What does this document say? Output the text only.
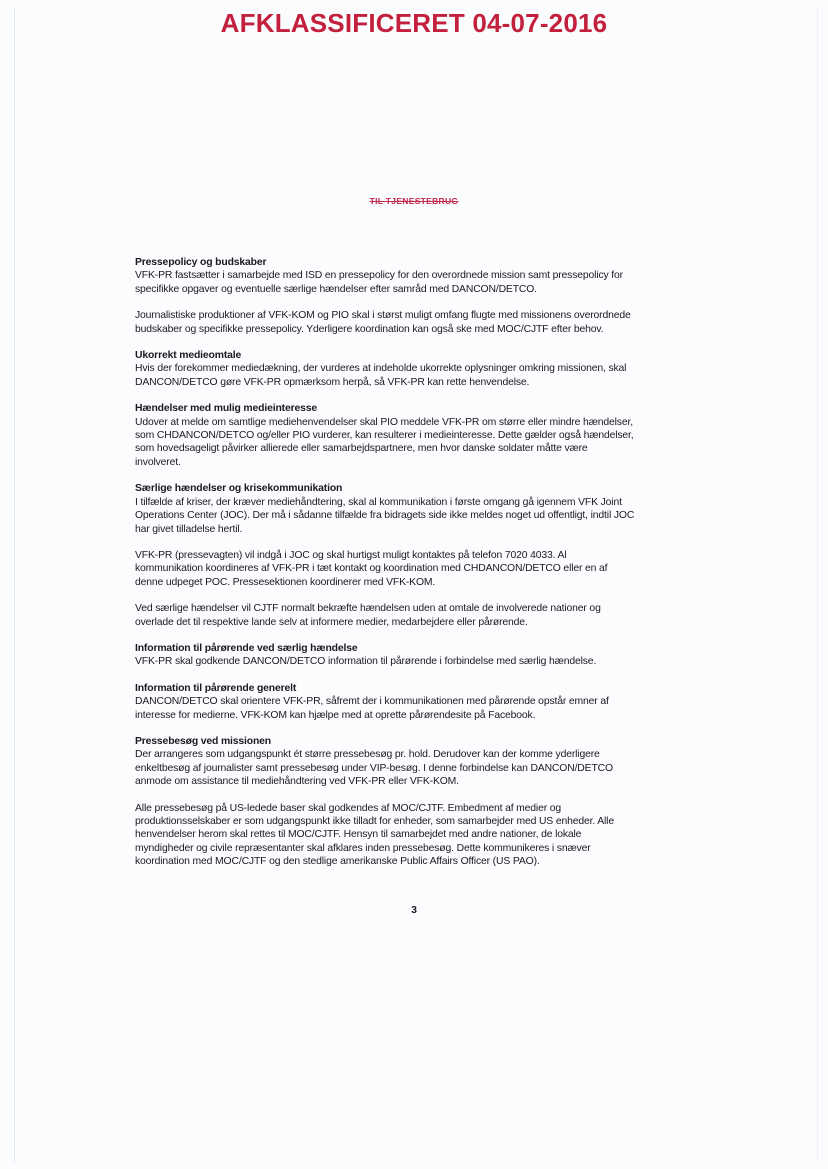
AFKLASSIFICERET 04-07-2016
TIL TJENESTEBRUG

Pressepolicy og budskaber

VFK-PR fastsætter i samarbejde med ISD en pressepolicy for den overordnede mission samt pressepolicy for specifikke opgaver og eventuelle særlige hændelser efter samråd med DANCON/DETCO.

Journalistiske produktioner af VFK-KOM og PIO skal i størst muligt omfang flugte med missionens overordnede budskaber og specifikke pressepolicy. Yderligere koordination kan også ske med MOC/CJTF efter behov.

Ukorrekt medieomtale

Hvis der forekommer mediedækning, der vurderes at indeholde ukorrekte oplysninger omkring missionen, skal DANCON/DETCO gøre VFK-PR opmærksom herpå, så VFK-PR kan rette henvendelse.

Hændelser med mulig medieinteresse

Udover at melde om samtlige mediehenvendelser skal PIO meddele VFK-PR om større eller mindre hændelser, som CHDANCON/DETCO og/eller PIO vurderer, kan resulterer i medieinteresse. Dette gælder også hændelser, som hovedsageligt påvirker allierede eller samarbejdspartnere, men hvor danske soldater måtte være involveret.

Særlige hændelser og krisekommunikation

I tilfælde af kriser, der kræver mediehåndtering, skal al kommunikation i første omgang gå igennem VFK Joint Operations Center (JOC). Der må i sådanne tilfælde fra bidragets side ikke meldes noget ud offentligt, indtil JOC har givet tilladelse hertil.

VFK-PR (pressevagten) vil indgå i JOC og skal hurtigst muligt kontaktes på telefon 7020 4033. Al kommunikation koordineres af VFK-PR i tæt kontakt og koordination med CHDANCON/DETCO eller en af denne udpeget POC. Pressesektionen koordinerer med VFK-KOM.

Ved særlige hændelser vil CJTF normalt bekræfte hændelsen uden at omtale de involverede nationer og overlade det til respektive lande selv at informere medier, medarbejdere eller pårørende.

Information til pårørende ved særlig hændelse

VFK-PR skal godkende DANCON/DETCO information til pårørende i forbindelse med særlig hændelse.

Information til pårørende generelt

DANCON/DETCO skal orientere VFK-PR, såfremt der i kommunikationen med pårørende opstår emner af interesse for medierne. VFK-KOM kan hjælpe med at oprette pårørendesite på Facebook.

Pressebesøg ved missionen

Der arrangeres som udgangspunkt ét større pressebesøg pr. hold. Derudover kan der komme yderligere enkeltbesøg af journalister samt pressebesøg under VIP-besøg. I denne forbindelse kan DANCON/DETCO anmode om assistance til mediehåndtering ved VFK-PR eller VFK-KOM.

Alle pressebesøg på US-ledede baser skal godkendes af MOC/CJTF. Embedment af medier og produktionsselskaber er som udgangspunkt ikke tilladt for enheder, som samarbejder med US enheder. Alle henvendelser herom skal rettes til MOC/CJTF. Hensyn til samarbejdet med andre nationer, de lokale myndigheder og civile repræsentanter skal afklares inden pressebesøg. Dette kommunikeres i snæver koordination med MOC/CJTF og den stedlige amerikanske Public Affairs Officer (US PAO).

3
